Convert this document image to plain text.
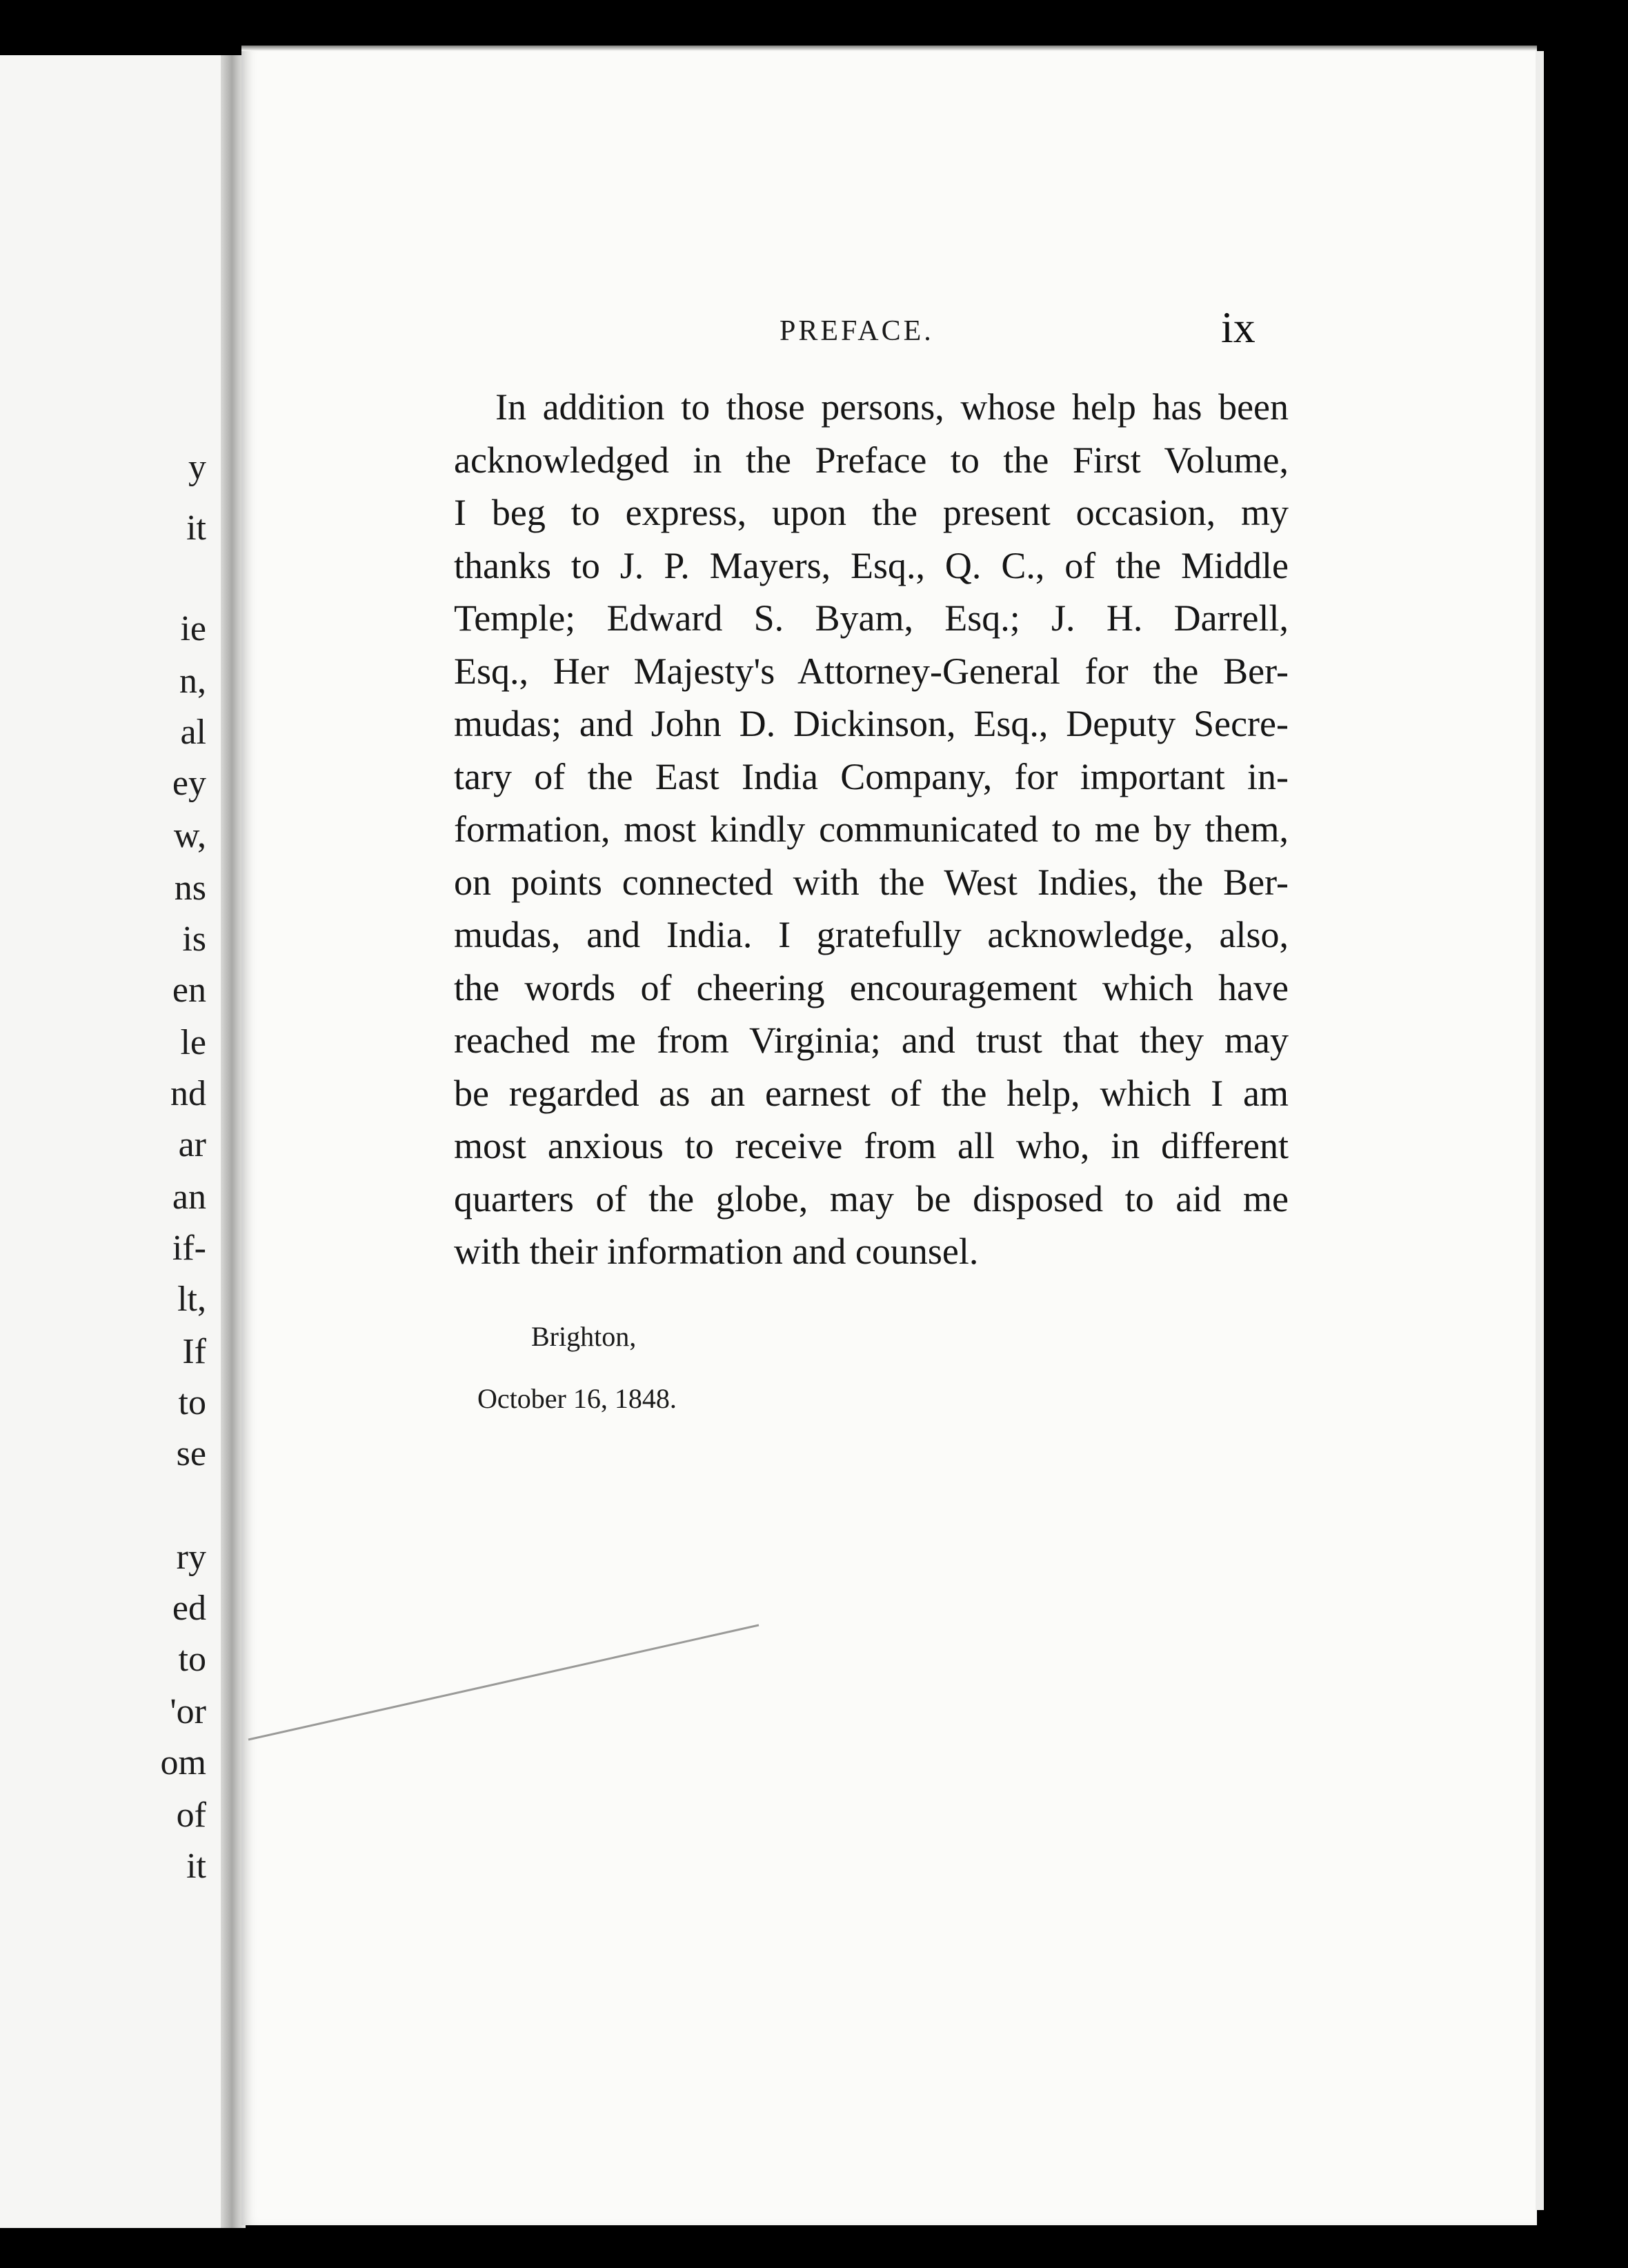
y
it
ie
n,
al
ey
w,
ns
is
en
le
nd
ar
an
if-
lt,
If
to
se
ry
ed
to
'or
om
of
it
PREFACE.	ix
In addition to those persons, whose help has been
acknowledged in the Preface to the First Volume,
I beg to express, upon the present occasion, my
thanks to J. P. Mayers, Esq., Q. C., of the Middle
Temple; Edward S. Byam, Esq.; J. H. Darrell,
Esq., Her Majesty's Attorney-General for the Ber-
mudas; and John D. Dickinson, Esq., Deputy Secre-
tary of the East India Company, for important in-
formation, most kindly communicated to me by them,
on points connected with the West Indies, the Ber-
mudas, and India. I gratefully acknowledge, also,
the words of cheering encouragement which have
reached me from Virginia; and trust that they may
be regarded as an earnest of the help, which I am
most anxious to receive from all who, in different
quarters of the globe, may be disposed to aid me
with their information and counsel.
Brighton,
October 16, 1848.
